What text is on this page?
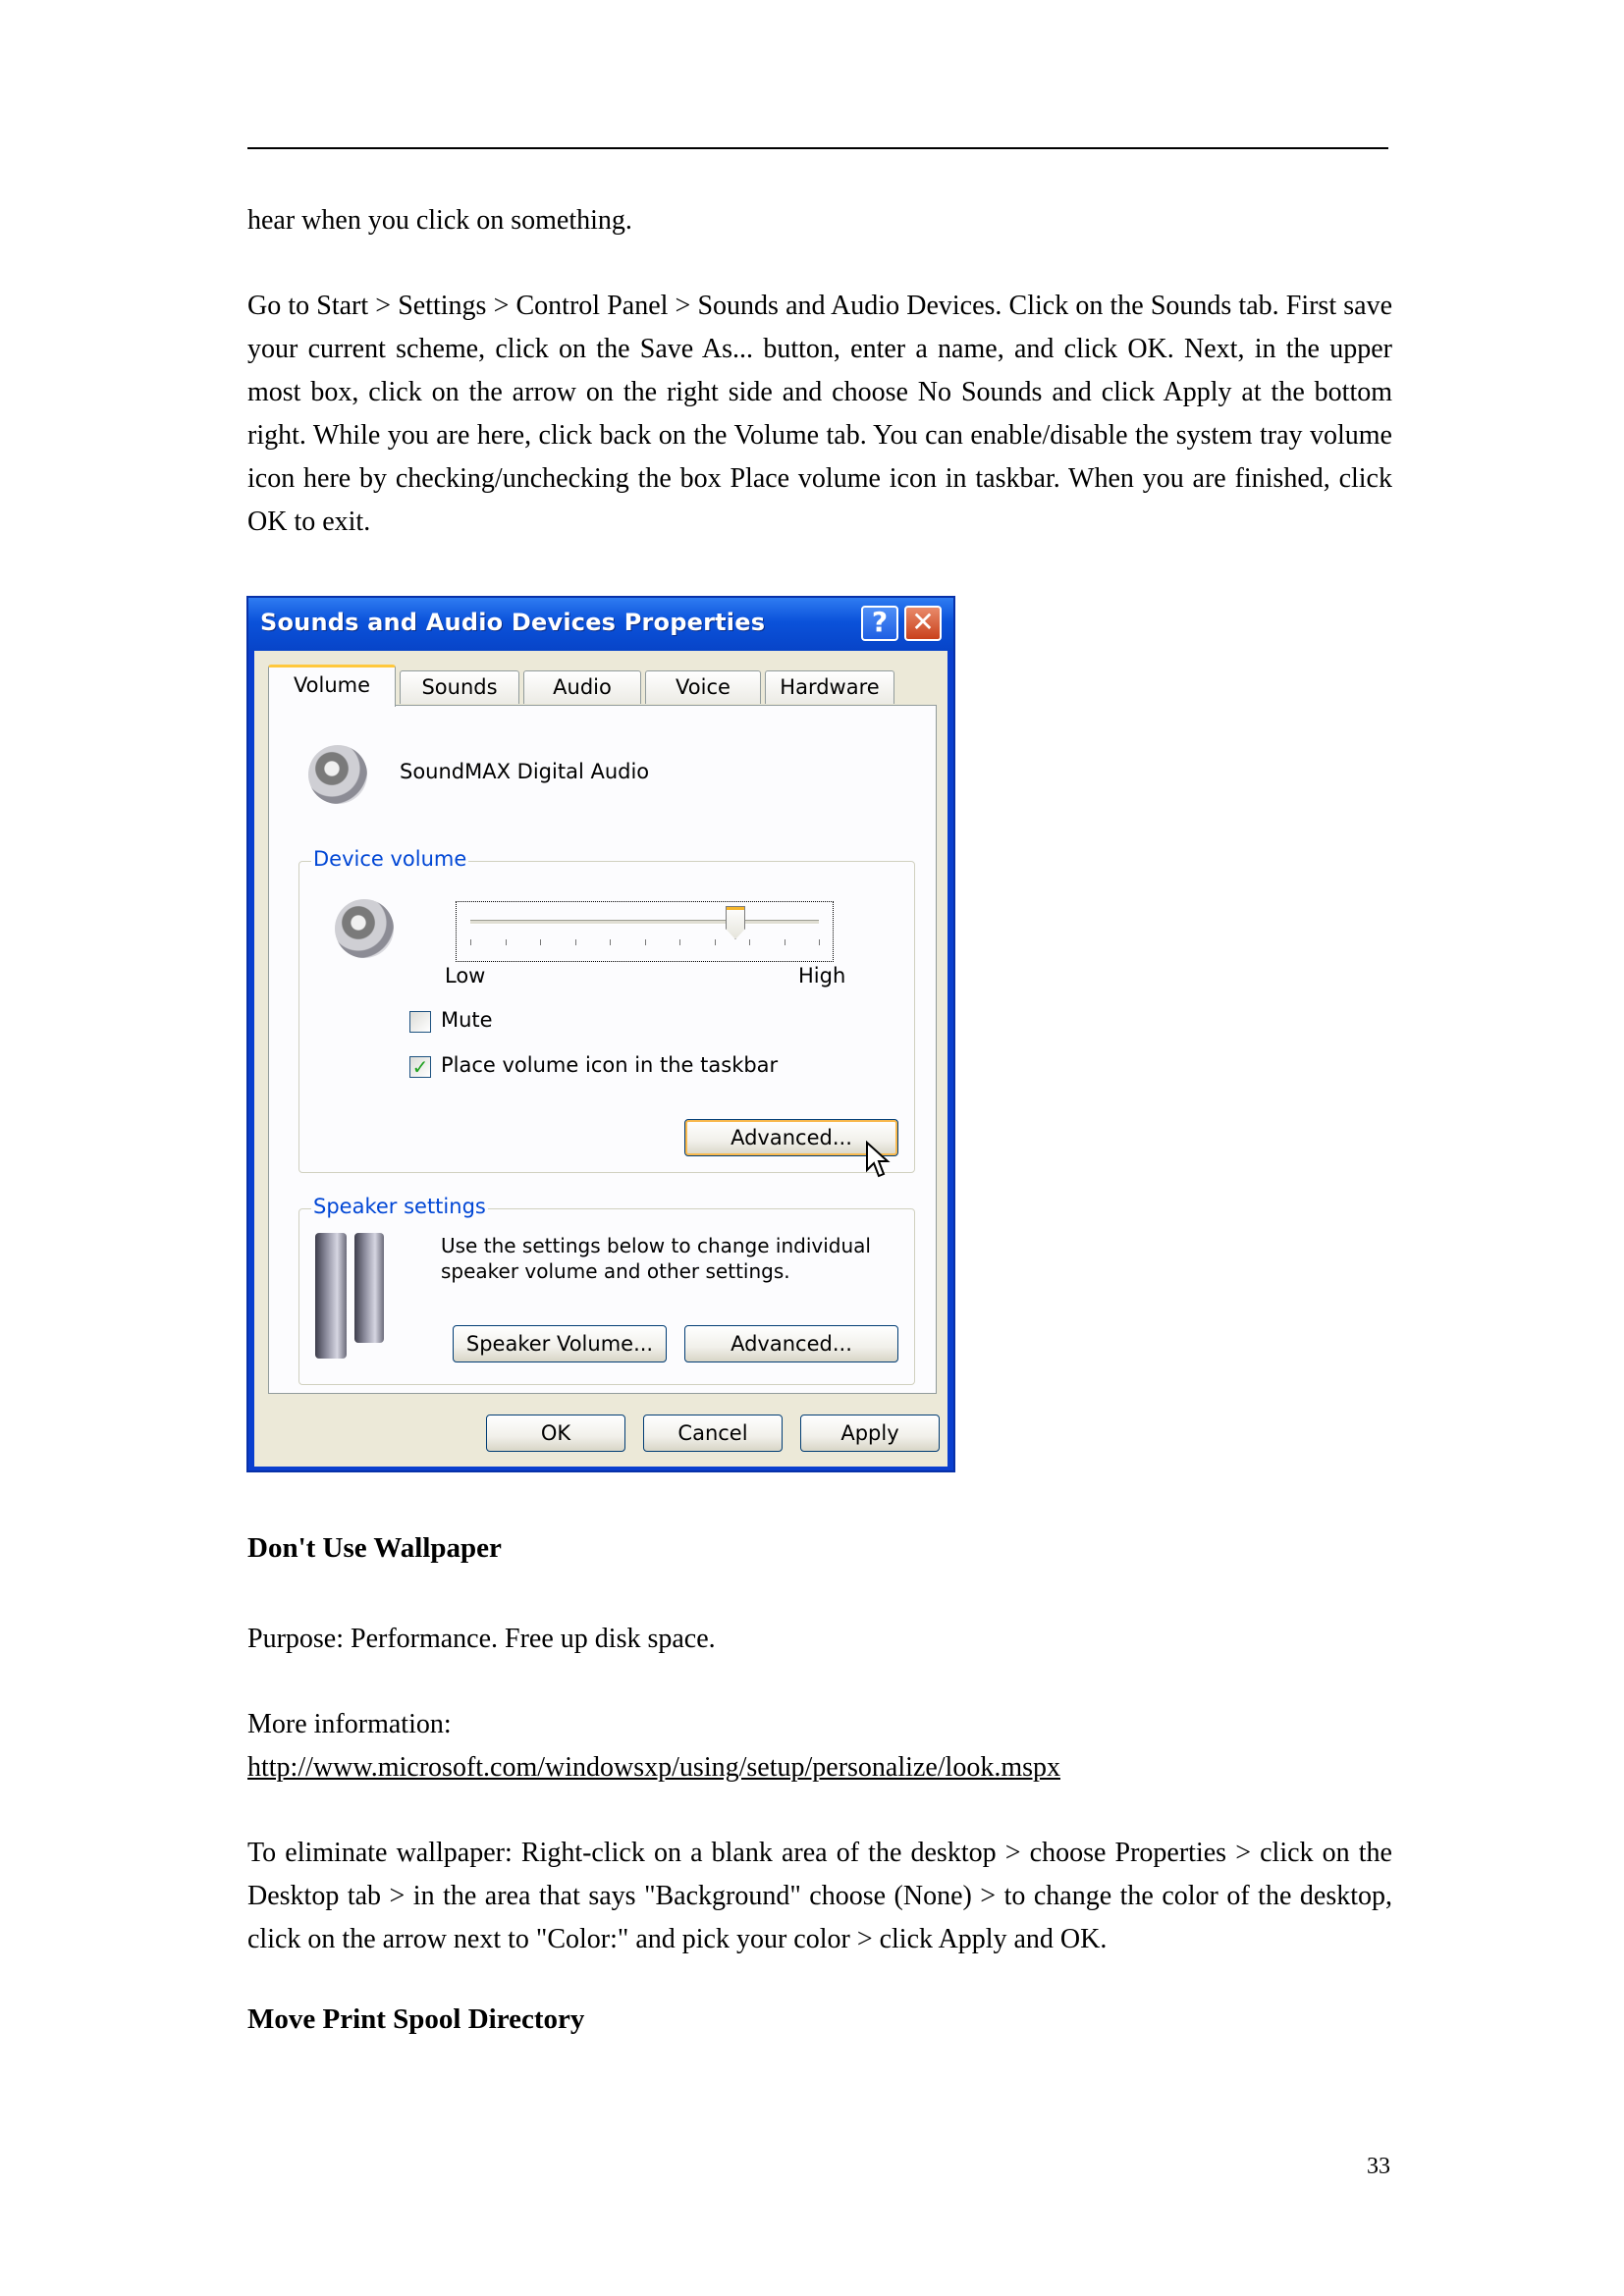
hear when you click on something.

Go to Start > Settings > Control Panel > Sounds and Audio Devices. Click on the Sounds tab. First save your current scheme, click on the Save As... button, enter a name, and click OK. Next, in the upper most box, click on the arrow on the right side and choose No Sounds and click Apply at the bottom right. While you are here, click back on the Volume tab. You can enable/disable the system tray volume icon here by checking/unchecking the box Place volume icon in taskbar. When you are finished, click OK to exit.

Sounds and Audio Devices Properties	? ✕
Volume	Sounds	Audio	Voice	Hardware
SoundMAX Digital Audio
Device volume
Low	High
Mute
✓ Place volume icon in the taskbar
Advanced...
Speaker settings
Use the settings below to change individual speaker volume and other settings.
Speaker Volume...	Advanced...
OK	Cancel	Apply
Don't Use Wallpaper

Purpose: Performance. Free up disk space.

More information:

http://www.microsoft.com/windowsxp/using/setup/personalize/look.mspx

To eliminate wallpaper: Right-click on a blank area of the desktop > choose Properties > click on the Desktop tab > in the area that says "Background" choose (None) > to change the color of the desktop, click on the arrow next to "Color:" and pick your color > click Apply and OK.

Move Print Spool Directory
33
